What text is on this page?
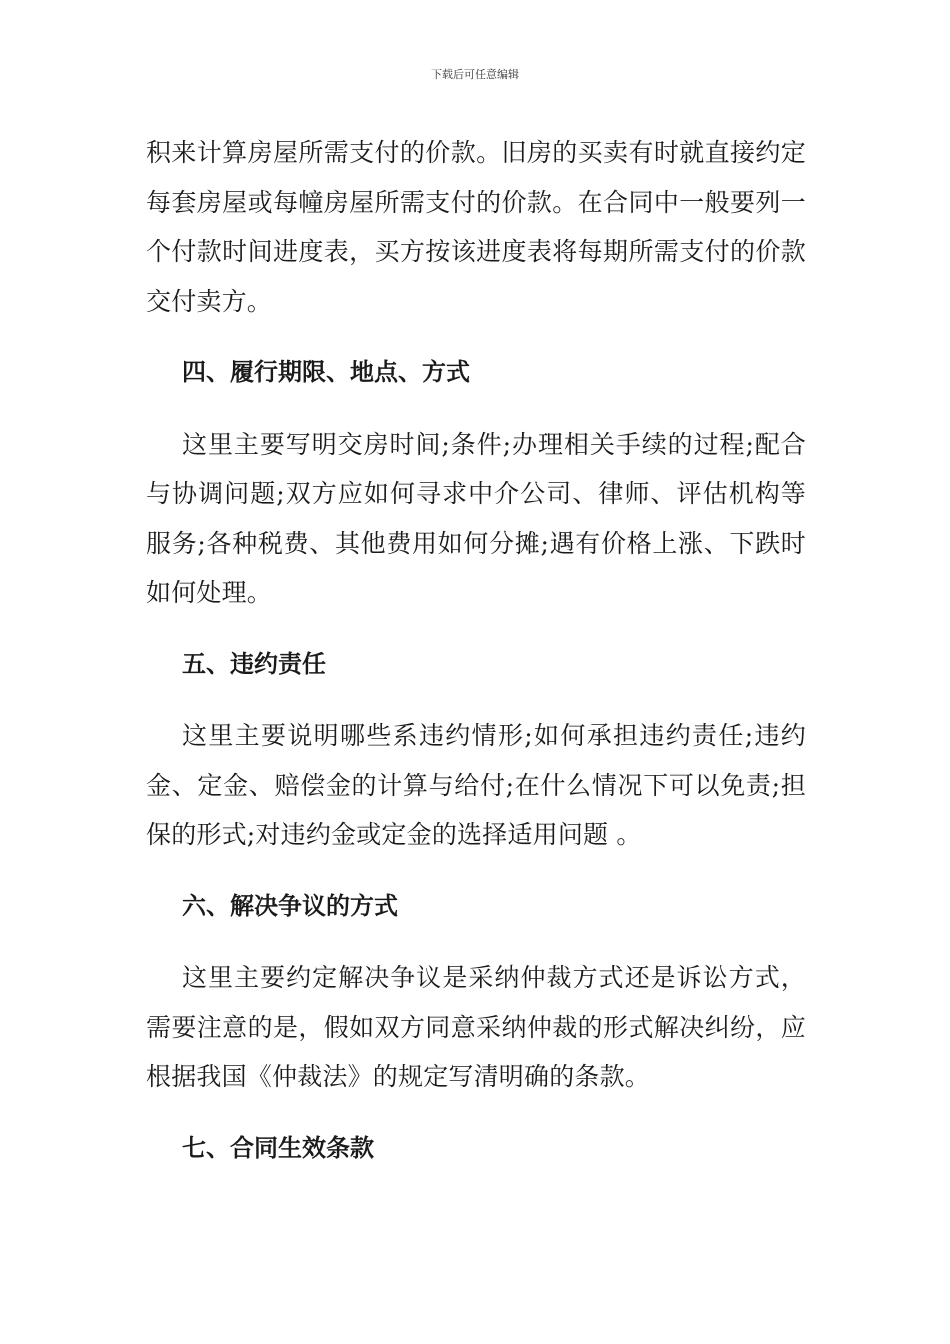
下载后可任意编辑

积来计算房屋所需支付的价款。旧房的买卖有时就直接约定每套房屋或每幢房屋所需支付的价款。在合同中一般要列一个付款时间进度表，买方按该进度表将每期所需支付的价款交付卖方。

四、履行期限、地点、方式

这里主要写明交房时间;条件;办理相关手续的过程;配合与协调问题;双方应如何寻求中介公司、律师、评估机构等服务;各种税费、其他费用如何分摊;遇有价格上涨、下跌时如何处理。

五、违约责任

这里主要说明哪些系违约情形;如何承担违约责任;违约金、定金、赔偿金的计算与给付;在什么情况下可以免责;担保的形式;对违约金或定金的选择适用问题 。

六、解决争议的方式

这里主要约定解决争议是采纳仲裁方式还是诉讼方式，需要注意的是，假如双方同意采纳仲裁的形式解决纠纷，应根据我国《仲裁法》的规定写清明确的条款。

七、合同生效条款
